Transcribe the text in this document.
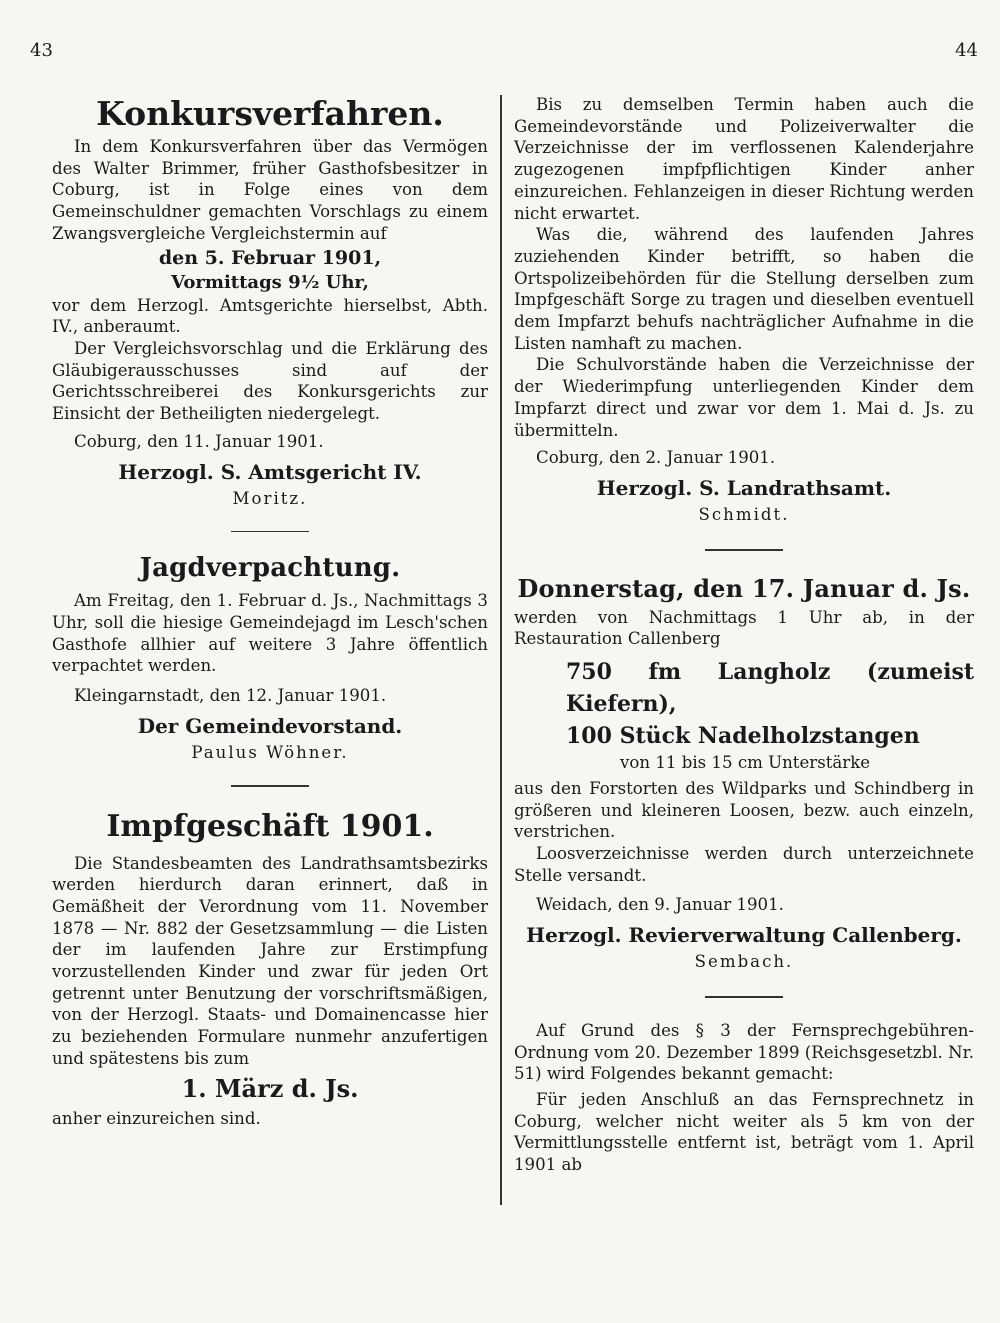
43	44
Konkursverfahren.

In dem Konkursverfahren über das Vermögen des Walter Brimmer, früher Gasthofsbesitzer in Coburg, ist in Folge eines von dem Gemeinschuldner gemachten Vorschlags zu einem Zwangsvergleiche Vergleichstermin auf

den 5. Februar 1901,

Vormittags 9½ Uhr,

vor dem Herzogl. Amtsgerichte hierselbst, Abth. IV., anberaumt.

Der Vergleichsvorschlag und die Erklärung des Gläubigerausschusses sind auf der Gerichtsschreiberei des Konkursgerichts zur Einsicht der Betheiligten niedergelegt.

Coburg, den 11. Januar 1901.

Herzogl. S. Amtsgericht IV.

Moritz.

Jagdverpachtung.

Am Freitag, den 1. Februar d. Js., Nachmittags 3 Uhr, soll die hiesige Gemeindejagd im Lesch'schen Gasthofe allhier auf weitere 3 Jahre öffentlich verpachtet werden.

Kleingarnstadt, den 12. Januar 1901.

Der Gemeindevorstand.

Paulus Wöhner.

Impfgeschäft 1901.

Die Standesbeamten des Landrathsamtsbezirks werden hierdurch daran erinnert, daß in Gemäßheit der Verordnung vom 11. November 1878 — Nr. 882 der Gesetzsammlung — die Listen der im laufenden Jahre zur Erstimpfung vorzustellenden Kinder und zwar für jeden Ort getrennt unter Benutzung der vorschriftsmäßigen, von der Herzogl. Staats- und Domainencasse hier zu beziehenden Formulare nunmehr anzufertigen und spätestens bis zum

1. März d. Js.

anher einzureichen sind.

Bis zu demselben Termin haben auch die Gemeindevorstände und Polizeiverwalter die Verzeichnisse der im verflossenen Kalenderjahre zugezogenen impfpflichtigen Kinder anher einzureichen. Fehlanzeigen in dieser Richtung werden nicht erwartet.

Was die, während des laufenden Jahres zuziehenden Kinder betrifft, so haben die Ortspolizeibehörden für die Stellung derselben zum Impfgeschäft Sorge zu tragen und dieselben eventuell dem Impfarzt behufs nachträglicher Aufnahme in die Listen namhaft zu machen.

Die Schulvorstände haben die Verzeichnisse der der Wiederimpfung unterliegenden Kinder dem Impfarzt direct und zwar vor dem 1. Mai d. Js. zu übermitteln.

Coburg, den 2. Januar 1901.

Herzogl. S. Landrathsamt.

Schmidt.

Donnerstag, den 17. Januar d. Js.

werden von Nachmittags 1 Uhr ab, in der Restauration Callenberg

750 fm Langholz (zumeist Kiefern),

100 Stück Nadelholzstangen

von 11 bis 15 cm Unterstärke

aus den Forstorten des Wildparks und Schindberg in größeren und kleineren Loosen, bezw. auch einzeln, verstrichen.

Loosverzeichnisse werden durch unterzeichnete Stelle versandt.

Weidach, den 9. Januar 1901.

Herzogl. Revierverwaltung Callenberg.

Sembach.

Auf Grund des § 3 der Fernsprechgebühren-Ordnung vom 20. Dezember 1899 (Reichsgesetzbl. Nr. 51) wird Folgendes bekannt gemacht:

Für jeden Anschluß an das Fernsprechnetz in Coburg, welcher nicht weiter als 5 km von der Vermittlungsstelle entfernt ist, beträgt vom 1. April 1901 ab
